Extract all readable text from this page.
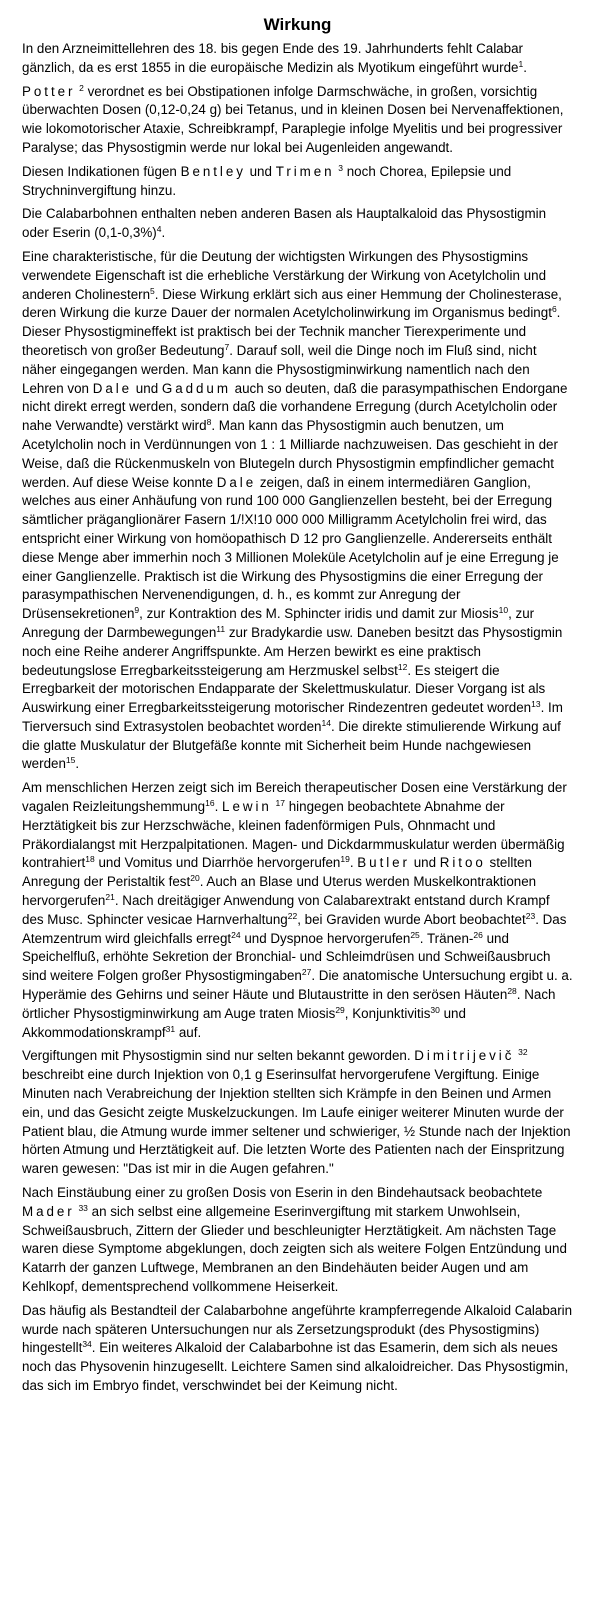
Wirkung

In den Arzneimittellehren des 18. bis gegen Ende des 19. Jahrhunderts fehlt Calabar gänzlich, da es erst 1855 in die europäische Medizin als Myotikum eingeführt wurde$^1$.

Potter $^2$ verordnet es bei Obstipationen infolge Darmschwäche, in großen, vorsichtig überwachten Dosen (0,12-0,24 g) bei Tetanus, und in kleinen Dosen bei Nervenaffektionen, wie lokomotorischer Ataxie, Schreibkrampf, Paraplegie infolge Myelitis und bei progressiver Paralyse; das Physostigmin werde nur lokal bei Augenleiden angewandt.

Diesen Indikationen fügen Bentley und Trimen $^3$ noch Chorea, Epilepsie und Strychninvergiftung hinzu.

Die Calabarbohnen enthalten neben anderen Basen als Hauptalkaloid das Physostigmin oder Eserin $(0,1-0,3\%)^4$.

Eine charakteristische, für die Deutung der wichtigsten Wirkungen des Physostigmins verwendete Eigenschaft ist die erhebliche Verstärkung der Wirkung von Acetylcholin und anderen Cholinestern$^5$. Diese Wirkung erklärt sich aus einer Hemmung der Cholinesterase, deren Wirkung die kurze Dauer der normalen Acetylcholinwirkung im Organismus bedingt$^6$. Dieser Physostigmineffekt ist praktisch bei der Technik mancher Tierexperimente und theoretisch von großer Bedeutung$^7$. Darauf soll, weil die Dinge noch im Fluß sind, nicht näher eingegangen werden. Man kann die Physostigminwirkung namentlich nach den Lehren von Dale und Gaddum auch so deuten, daß die parasympathischen Endorgane nicht direkt erregt werden, sondern daß die vorhandene Erregung (durch Acetylcholin oder nahe Verwandte) verstärkt wird$^8$. Man kann das Physostigmin auch benutzen, um Acetylcholin noch in Verdünnungen von 1 : 1 Milliarde nachzuweisen. Das geschieht in der Weise, daß die Rückenmuskeln von Blutegeln durch Physostigmin empfindlicher gemacht werden. Auf diese Weise konnte Dale zeigen, daß in einem intermediären Ganglion, welches aus einer Anhäufung von rund 100 000 Ganglienzellen besteht, bei der Erregung sämtlicher präganglionärer Fasern 1/!X!10 000 000 Milligramm Acetylcholin frei wird, das entspricht einer Wirkung von homöopathisch D 12 pro Ganglienzelle. Andererseits enthält diese Menge aber immerhin noch 3 Millionen Moleküle Acetylcholin auf je eine Erregung je einer Ganglienzelle. Praktisch ist die Wirkung des Physostigmins die einer Erregung der parasympathischen Nervenendigungen, d. h., es kommt zur Anregung der Drüsensekretionen$^9$, zur Kontraktion des M. Sphincter iridis und damit zur Miosis$^{10}$, zur Anregung der Darmbewegungen$^{11}$ zur Bradykardie usw. Daneben besitzt das Physostigmin noch eine Reihe anderer Angriffspunkte. Am Herzen bewirkt es eine praktisch bedeutungslose Erregbarkeitssteigerung am Herzmuskel selbst$^{12}$. Es steigert die Erregbarkeit der motorischen Endapparate der Skelettmuskulatur. Dieser Vorgang ist als Auswirkung einer Erregbarkeitssteigerung motorischer Rindezentren gedeutet worden$^{13}$. Im Tierversuch sind Extrasystolen beobachtet worden$^{14}$. Die direkte stimulierende Wirkung auf die glatte Muskulatur der Blutgefäße konnte mit Sicherheit beim Hunde nachgewiesen werden$^{15}$.

Am menschlichen Herzen zeigt sich im Bereich therapeutischer Dosen eine Verstärkung der vagalen Reizleitungshemmung$^{16}$. Lewin $^{17}$ hingegen beobachtete Abnahme der Herztätigkeit bis zur Herzschwäche, kleinen fadenförmigen Puls, Ohnmacht und Präkordialangst mit Herzpalpitationen. Magen- und Dickdarmmuskulatur werden übermäßig kontrahiert$^{18}$ und Vomitus und Diarrhöe hervorgerufen$^{19}$. Butler und Ritoo stellten Anregung der Peristaltik fest$^{20}$. Auch an Blase und Uterus werden Muskelkontraktionen hervorgerufen$^{21}$. Nach dreitägiger Anwendung von Calabarextrakt entstand durch Krampf des Musc. Sphincter vesicae Harnverhaltung$^{22}$, bei Graviden wurde Abort beobachtet$^{23}$. Das Atemzentrum wird gleichfalls erregt$^{24}$ und Dyspnoe hervorgerufen$^{25}$. Tränen-$^{26}$ und Speichelfluß, erhöhte Sekretion der Bronchial- und Schleimdrüsen und Schweißausbruch sind weitere Folgen großer Physostigmingaben$^{27}$. Die anatomische Untersuchung ergibt u. a. Hyperämie des Gehirns und seiner Häute und Blutaustritte in den serösen Häuten$^{28}$. Nach örtlicher Physostigminwirkung am Auge traten Miosis$^{29}$, Konjunktivitis$^{30}$ und Akkommodationskrampf$^{31}$ auf.

Vergiftungen mit Physostigmin sind nur selten bekannt geworden. Dimitrijevič $^{32}$ beschreibt eine durch Injektion von 0,1 g Eserinsulfat hervorgerufene Vergiftung. Einige Minuten nach Verabreichung der Injektion stellten sich Krämpfe in den Beinen und Armen ein, und das Gesicht zeigte Muskelzuckungen. Im Laufe einiger weiterer Minuten wurde der Patient blau, die Atmung wurde immer seltener und schwieriger, ½ Stunde nach der Injektion hörten Atmung und Herztätigkeit auf. Die letzten Worte des Patienten nach der Einspritzung waren gewesen: "Das ist mir in die Augen gefahren."

Nach Einstäubung einer zu großen Dosis von Eserin in den Bindehautsack beobachtete Mader $^{33}$ an sich selbst eine allgemeine Eserinvergiftung mit starkem Unwohlsein, Schweißausbruch, Zittern der Glieder und beschleunigter Herztätigkeit. Am nächsten Tage waren diese Symptome abgeklungen, doch zeigten sich als weitere Folgen Entzündung und Katarrh der ganzen Luftwege, Membranen an den Bindehäuten beider Augen und am Kehlkopf, dementsprechend vollkommene Heiserkeit.

Das häufig als Bestandteil der Calabarbohne angeführte krampferregende Alkaloid Calabarin wurde nach späteren Untersuchungen nur als Zersetzungsprodukt (des Physostigmins) hingestellt$^{34}$. Ein weiteres Alkaloid der Calabarbohne ist das Esamerin, dem sich als neues noch das Physovenin hinzugesellt. Leichtere Samen sind alkaloidreicher. Das Physostigmin, das sich im Embryo findet, verschwindet bei der Keimung nicht.
